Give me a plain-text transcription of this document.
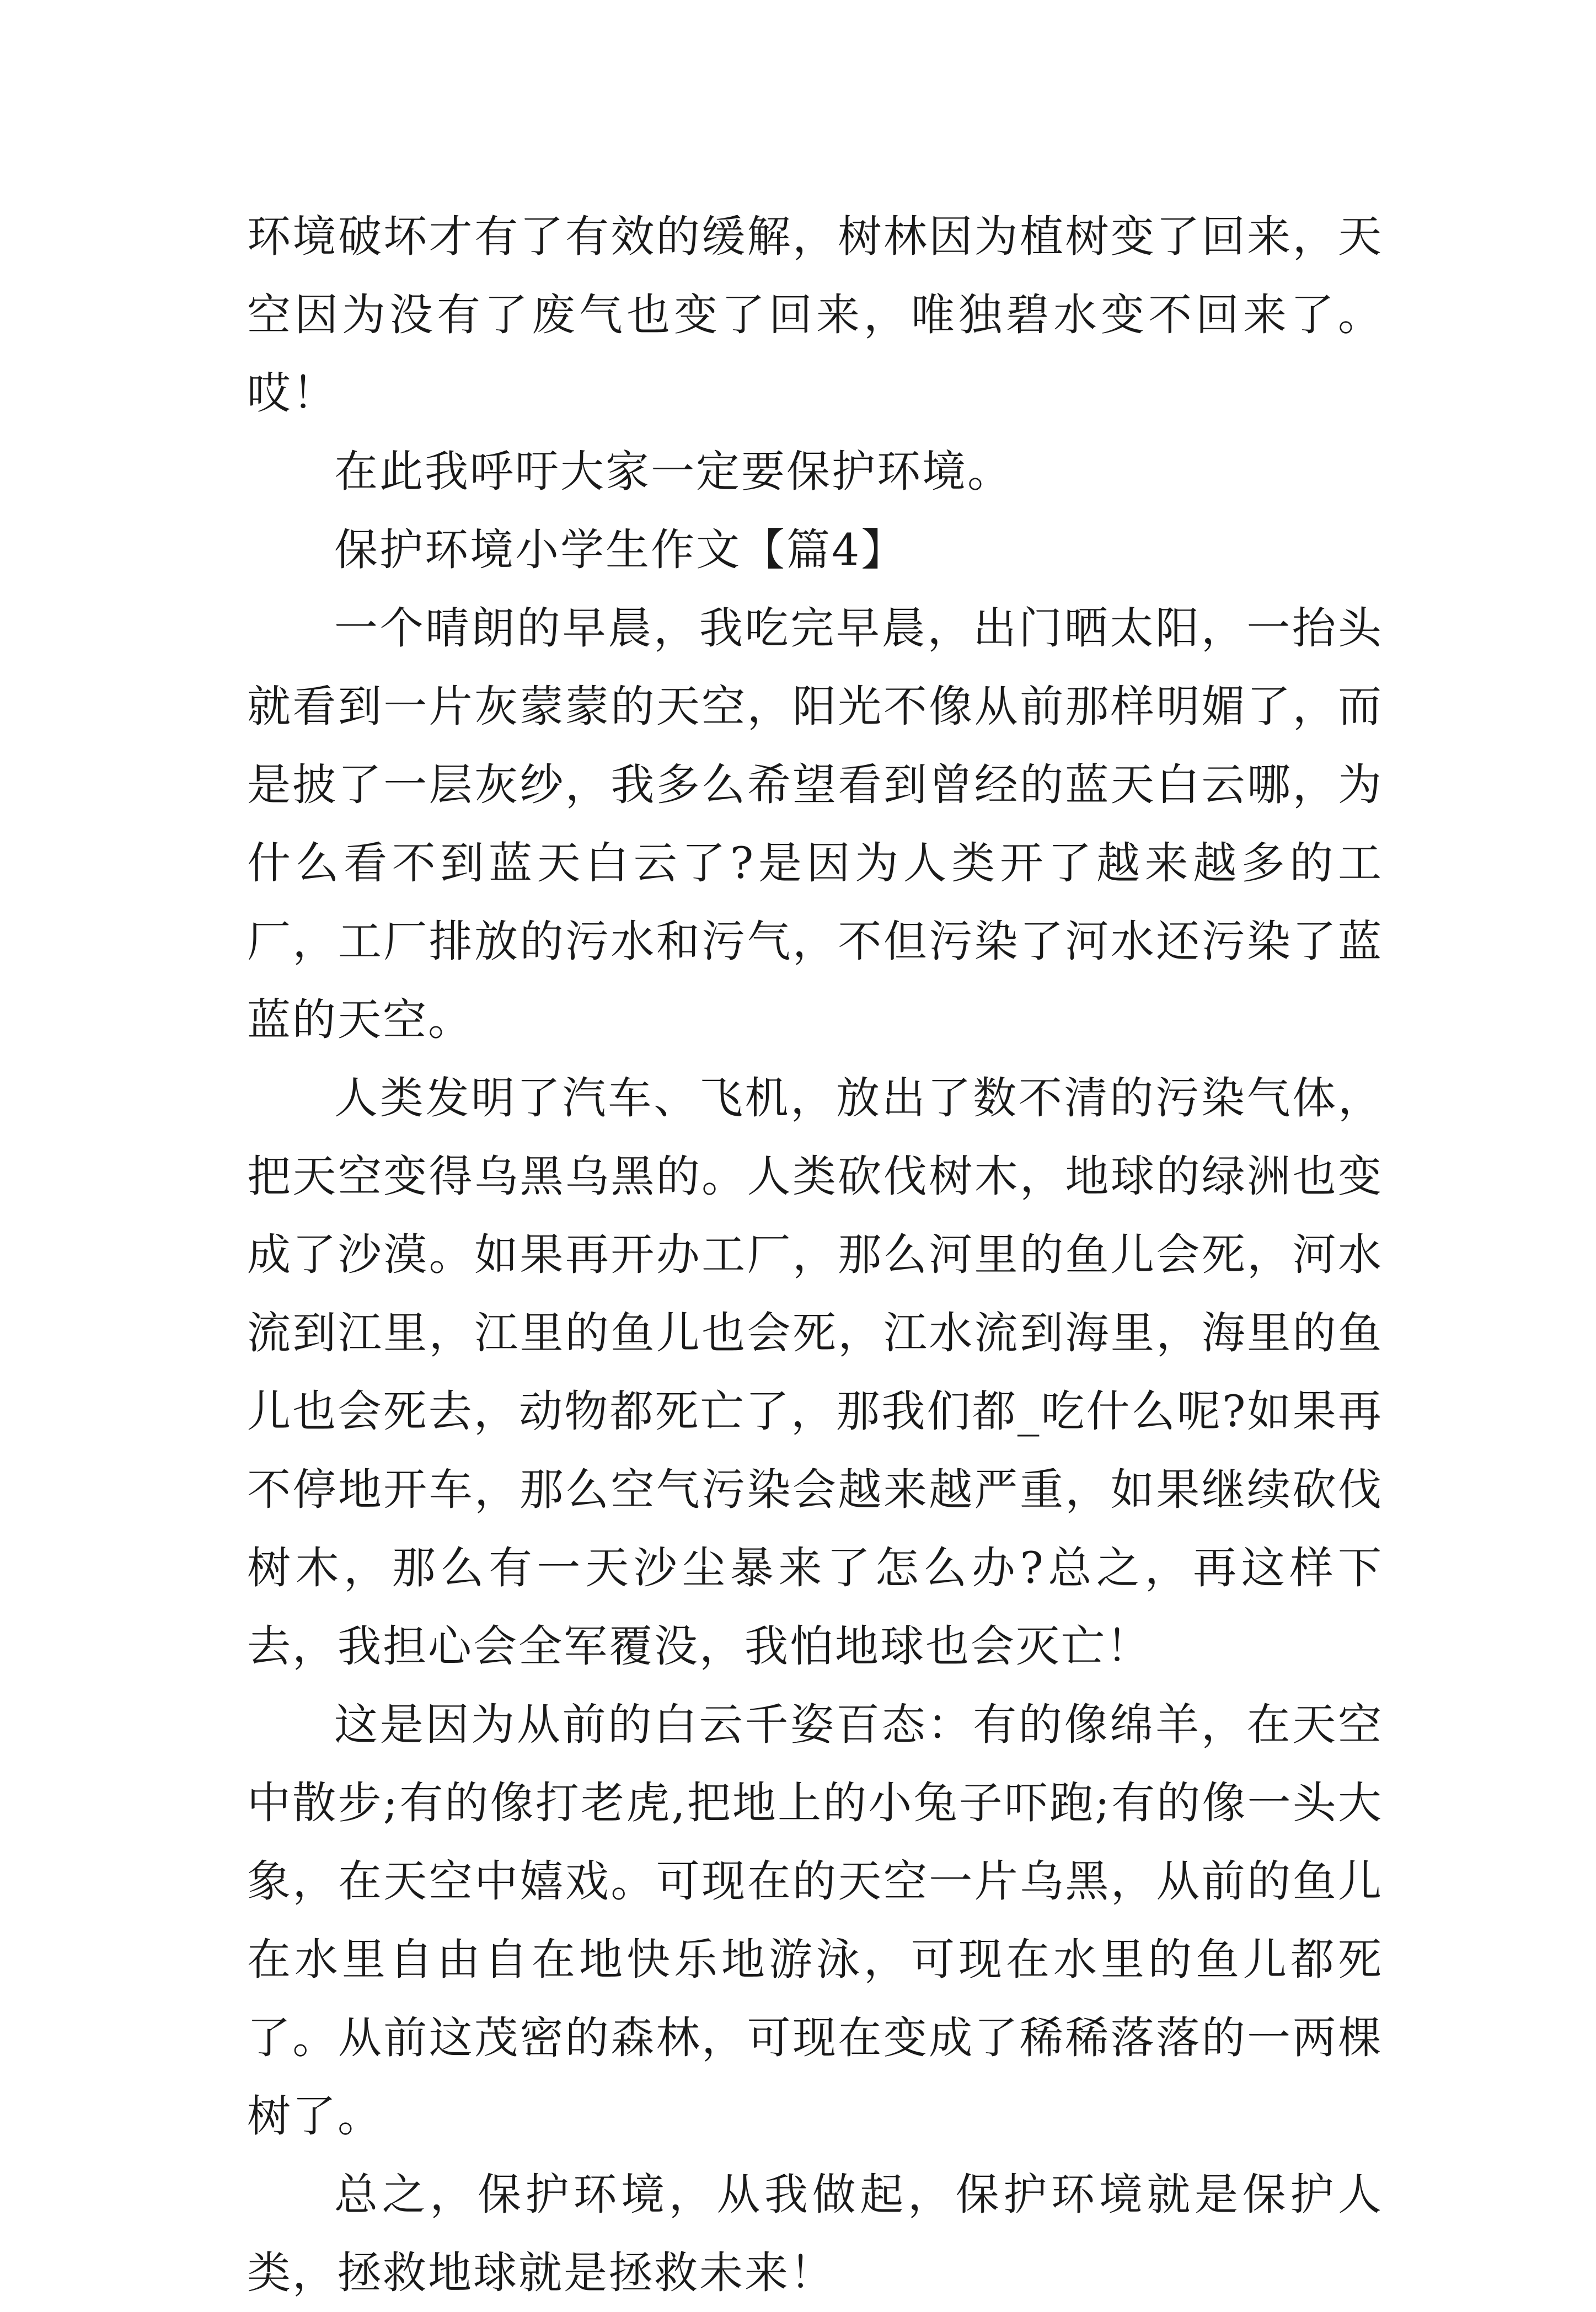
环境破坏才有了有效的缓解，树林因为植树变了回来，天空因为没有了废气也变了回来，唯独碧水变不回来了。哎！

在此我呼吁大家一定要保护环境。

保护环境小学生作文【篇4】

一个晴朗的早晨，我吃完早晨，出门晒太阳，一抬头就看到一片灰蒙蒙的天空，阳光不像从前那样明媚了，而是披了一层灰纱，我多么希望看到曾经的蓝天白云哪，为什么看不到蓝天白云了?是因为人类开了越来越多的工厂，工厂排放的污水和污气，不但污染了河水还污染了蓝蓝的天空。

人类发明了汽车、飞机，放出了数不清的污染气体，把天空变得乌黑乌黑的。人类砍伐树木，地球的绿洲也变成了沙漠。如果再开办工厂，那么河里的鱼儿会死，河水流到江里，江里的鱼儿也会死，江水流到海里，海里的鱼儿也会死去，动物都死亡了，那我们都_吃什么呢?如果再不停地开车，那么空气污染会越来越严重，如果继续砍伐树木，那么有一天沙尘暴来了怎么办?总之，再这样下去，我担心会全军覆没，我怕地球也会灭亡！

这是因为从前的白云千姿百态：有的像绵羊，在天空中散步;有的像打老虎,把地上的小兔子吓跑;有的像一头大象，在天空中嬉戏。可现在的天空一片乌黑，从前的鱼儿在水里自由自在地快乐地游泳，可现在水里的鱼儿都死了。从前这茂密的森林，可现在变成了稀稀落落的一两棵树了。

总之，保护环境，从我做起，保护环境就是保护人类，拯救地球就是拯救未来！
